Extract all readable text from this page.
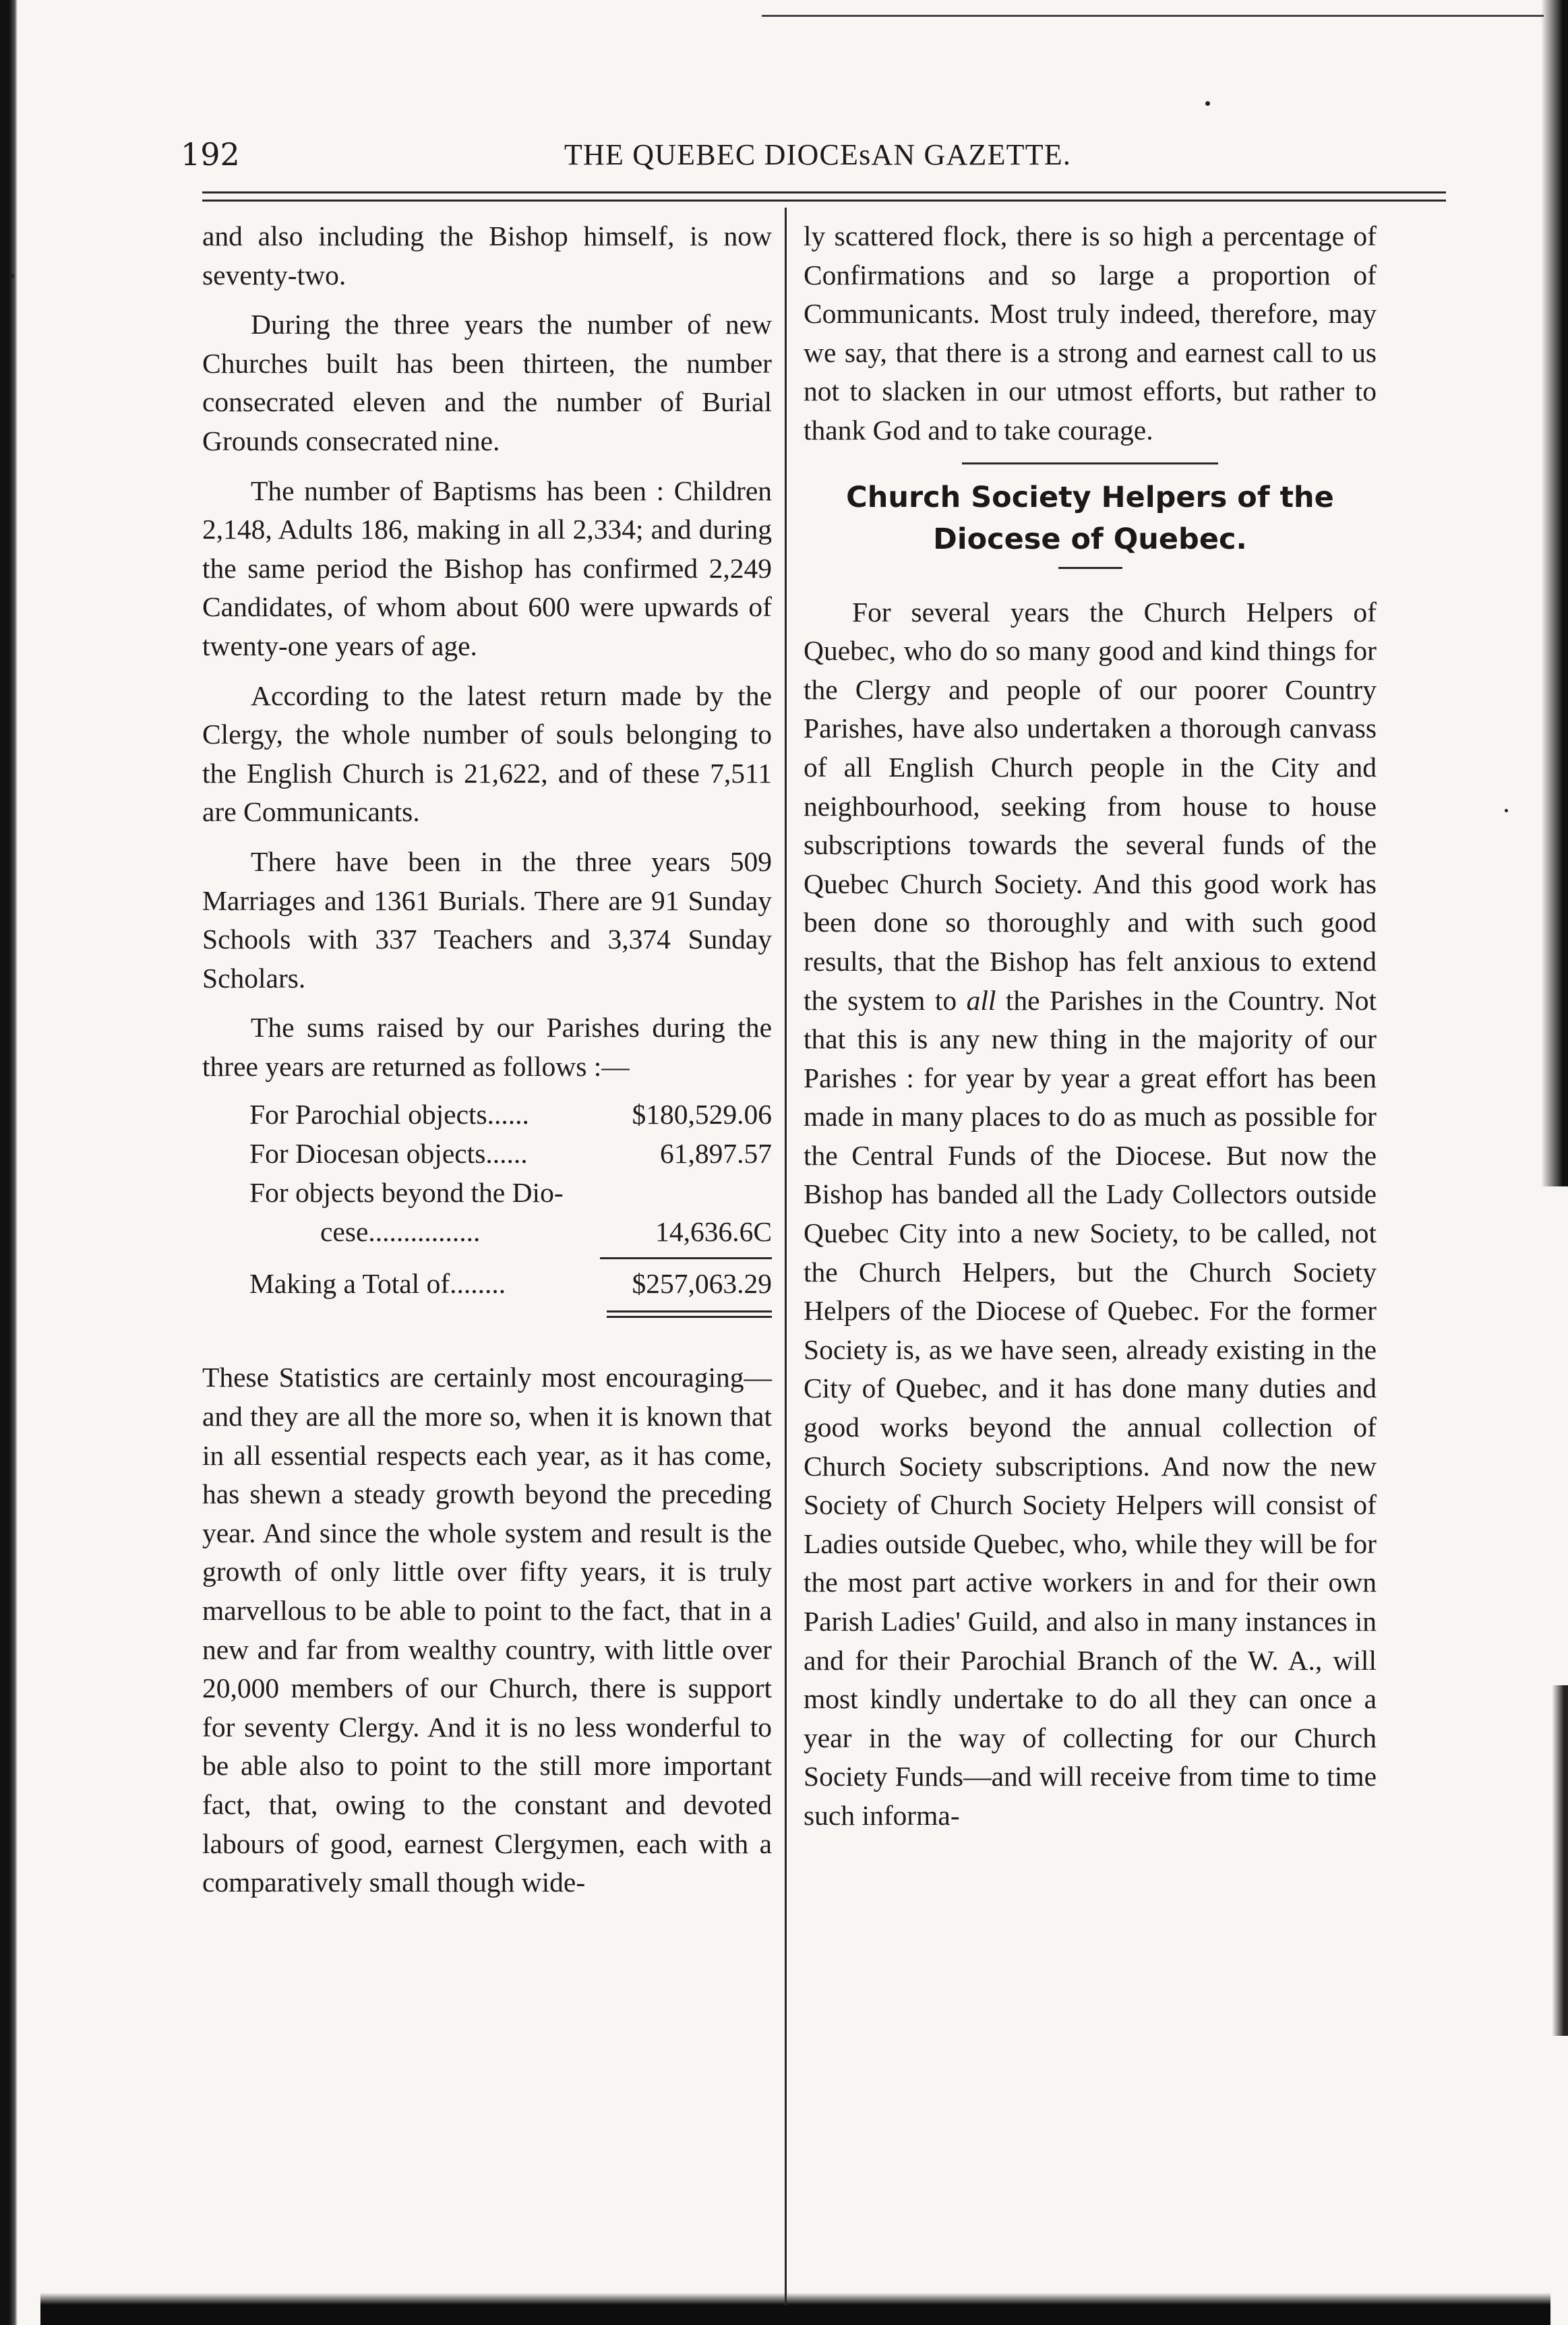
192	THE QUEBEC DIOCEsAN GAZETTE.

and also including the Bishop himself, is now seventy-two.

During the three years the number of new Churches built has been thirteen, the number consecrated eleven and the number of Burial Grounds consecrated nine.

The number of Baptisms has been : Children 2,148, Adults 186, making in all 2,334; and during the same period the Bishop has confirmed 2,249 Candidates, of whom about 600 were upwards of twenty-one years of age.

According to the latest return made by the Clergy, the whole number of souls belonging to the English Church is 21,622, and of these 7,511 are Communicants.

There have been in the three years 509 Marriages and 1361 Burials. There are 91 Sunday Schools with 337 Teachers and 3,374 Sunday Scholars.

The sums raised by our Parishes during the three years are returned as follows :—

For Parochial objects......	$180,529.06
For Diocesan objects......	61,897.57
For objects beyond the Dio-
cese................	14,636.6C
Making a Total of........	$257,063.29

These Statistics are certainly most encouraging—and they are all the more so, when it is known that in all essential respects each year, as it has come, has shewn a steady growth beyond the preceding year. And since the whole system and result is the growth of only little over fifty years, it is truly marvellous to be able to point to the fact, that in a new and far from wealthy country, with little over 20,000 members of our Church, there is support for seventy Clergy. And it is no less wonderful to be able also to point to the still more important fact, that, owing to the constant and devoted labours of good, earnest Clergymen, each with a comparatively small though wide-

ly scattered flock, there is so high a percentage of Confirmations and so large a proportion of Communicants. Most truly indeed, therefore, may we say, that there is a strong and earnest call to us not to slacken in our utmost efforts, but rather to thank God and to take courage.

Church Society Helpers of the
Diocese of Quebec.

For several years the Church Helpers of Quebec, who do so many good and kind things for the Clergy and people of our poorer Country Parishes, have also undertaken a thorough canvass of all English Church people in the City and neighbourhood, seeking from house to house subscriptions towards the several funds of the Quebec Church Society. And this good work has been done so thoroughly and with such good results, that the Bishop has felt anxious to extend the system to all the Parishes in the Country. Not that this is any new thing in the majority of our Parishes : for year by year a great effort has been made in many places to do as much as possible for the Central Funds of the Diocese. But now the Bishop has banded all the Lady Collectors outside Quebec City into a new Society, to be called, not the Church Helpers, but the Church Society Helpers of the Diocese of Quebec. For the former Society is, as we have seen, already existing in the City of Quebec, and it has done many duties and good works beyond the annual collection of Church Society subscriptions. And now the new Society of Church Society Helpers will consist of Ladies outside Quebec, who, while they will be for the most part active workers in and for their own Parish Ladies' Guild, and also in many instances in and for their Parochial Branch of the W. A., will most kindly undertake to do all they can once a year in the way of collecting for our Church Society Funds—and will receive from time to time such informa-
